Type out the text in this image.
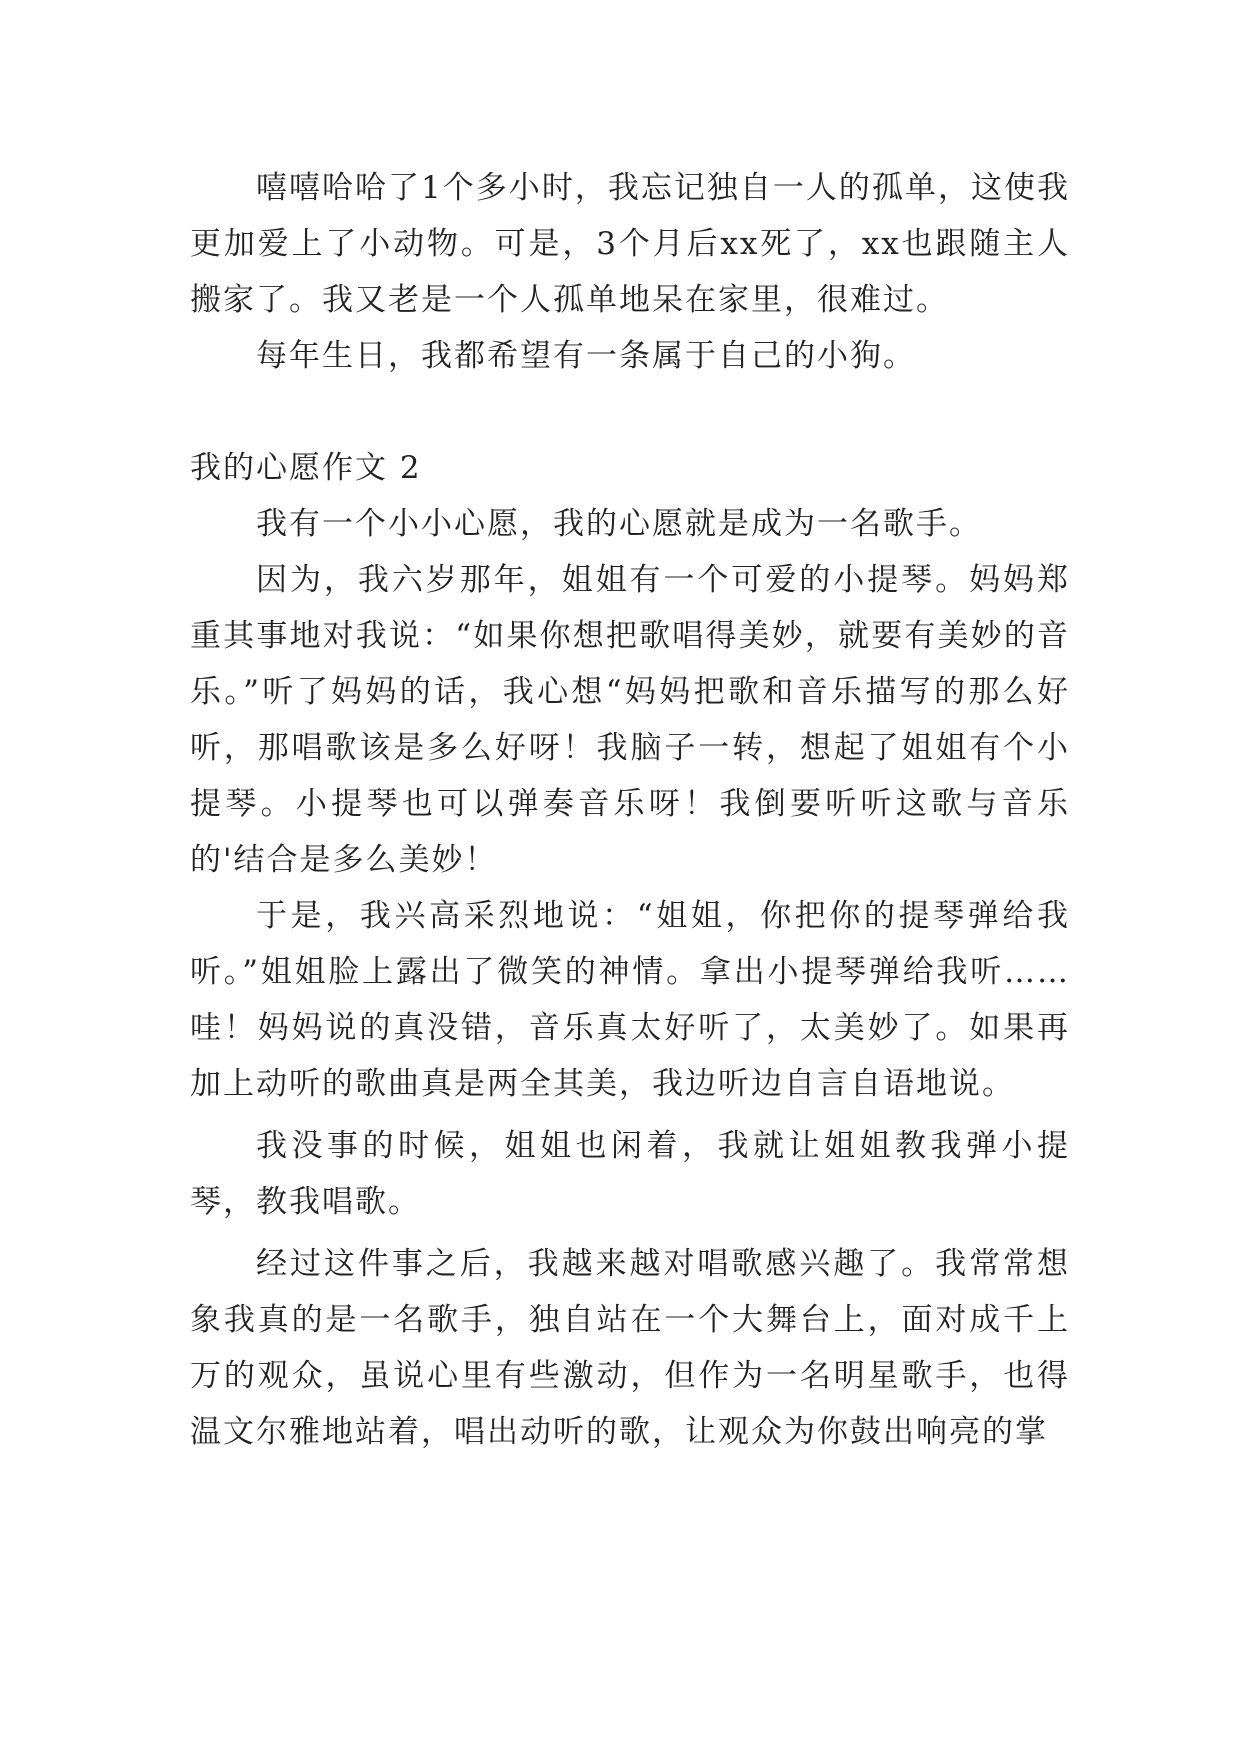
嘻嘻哈哈了1个多小时，我忘记独自一人的孤单，这使我更加爱上了小动物。可是，3个月后xx死了，xx也跟随主人搬家了。我又老是一个人孤单地呆在家里，很难过。

每年生日，我都希望有一条属于自己的小狗。

我的心愿作文 2

我有一个小小心愿，我的心愿就是成为一名歌手。

因为，我六岁那年，姐姐有一个可爱的小提琴。妈妈郑重其事地对我说：“如果你想把歌唱得美妙，就要有美妙的音乐。”听了妈妈的话，我心想“妈妈把歌和音乐描写的那么好听，那唱歌该是多么好呀！我脑子一转，想起了姐姐有个小提琴。小提琴也可以弹奏音乐呀！我倒要听听这歌与音乐的'结合是多么美妙！

于是，我兴高采烈地说：“姐姐，你把你的提琴弹给我听。”姐姐脸上露出了微笑的神情。拿出小提琴弹给我听……哇！妈妈说的真没错，音乐真太好听了，太美妙了。如果再加上动听的歌曲真是两全其美，我边听边自言自语地说。

我没事的时候，姐姐也闲着，我就让姐姐教我弹小提琴，教我唱歌。

经过这件事之后，我越来越对唱歌感兴趣了。我常常想象我真的是一名歌手，独自站在一个大舞台上，面对成千上万的观众，虽说心里有些激动，但作为一名明星歌手，也得温文尔雅地站着，唱出动听的歌，让观众为你鼓出响亮的掌
